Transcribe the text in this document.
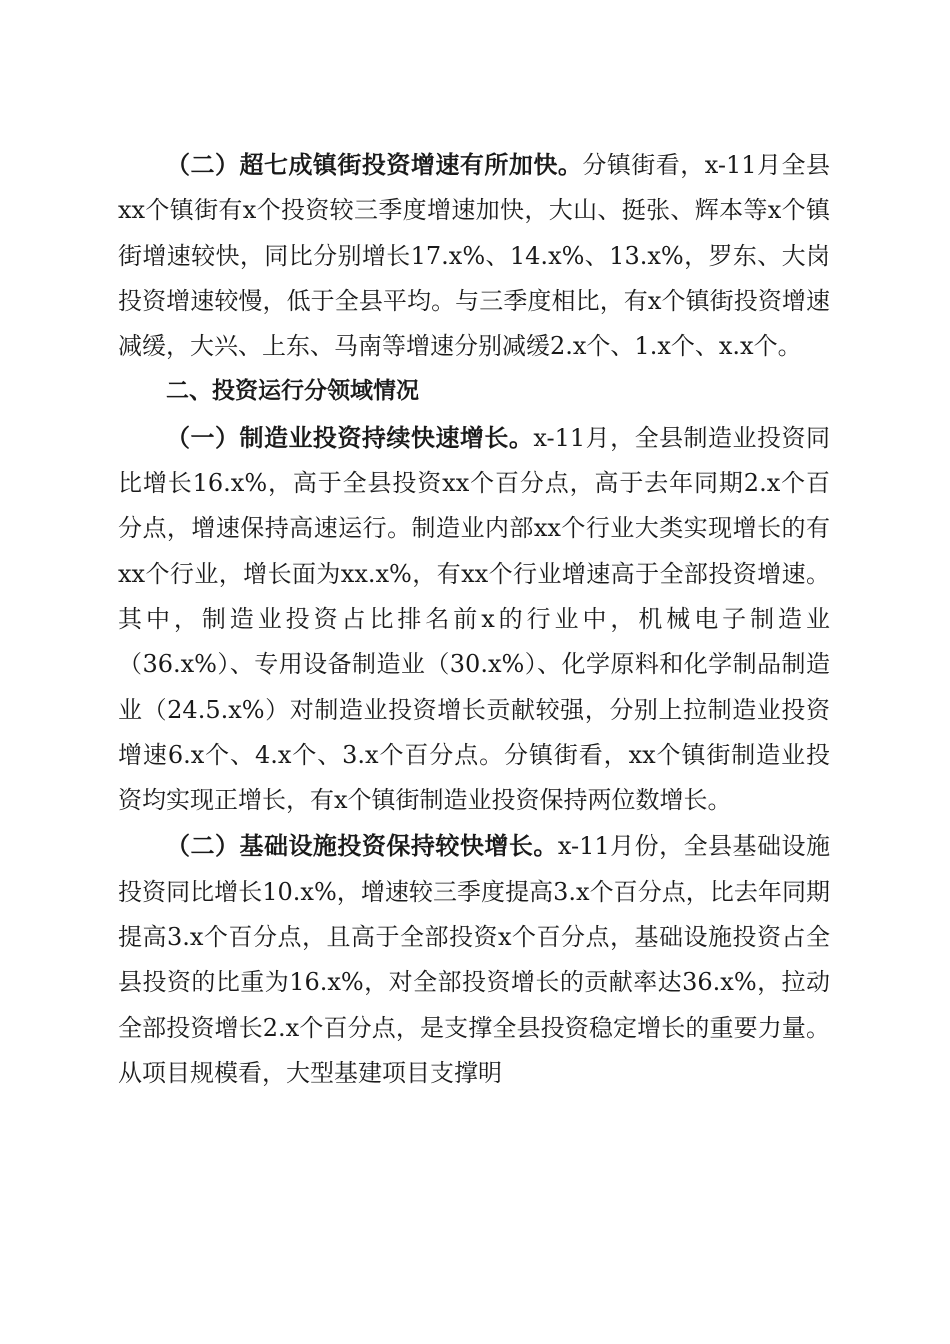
（二）超七成镇街投资增速有所加快。分镇街看，x-11月全县xx个镇街有x个投资较三季度增速加快，大山、挺张、辉本等x个镇街增速较快，同比分别增长17.x%、14.x%、13.x%，罗东、大岗投资增速较慢，低于全县平均。与三季度相比，有x个镇街投资增速减缓，大兴、上东、马南等增速分别减缓2.x个、1.x个、x.x个。

二、投资运行分领域情况

（一）制造业投资持续快速增长。x-11月，全县制造业投资同比增长16.x%，高于全县投资xx个百分点，高于去年同期2.x个百分点，增速保持高速运行。制造业内部xx个行业大类实现增长的有xx个行业，增长面为xx.x%，有xx个行业增速高于全部投资增速。其中，制造业投资占比排名前x的行业中，机械电子制造业（36.x%）、专用设备制造业（30.x%）、化学原料和化学制品制造业（24.5.x%）对制造业投资增长贡献较强，分别上拉制造业投资增速6.x个、4.x个、3.x个百分点。分镇街看，xx个镇街制造业投资均实现正增长，有x个镇街制造业投资保持两位数增长。

（二）基础设施投资保持较快增长。x-11月份，全县基础设施投资同比增长10.x%，增速较三季度提高3.x个百分点，比去年同期提高3.x个百分点，且高于全部投资x个百分点，基础设施投资占全县投资的比重为16.x%，对全部投资增长的贡献率达36.x%，拉动全部投资增长2.x个百分点，是支撑全县投资稳定增长的重要力量。从项目规模看，大型基建项目支撑明
